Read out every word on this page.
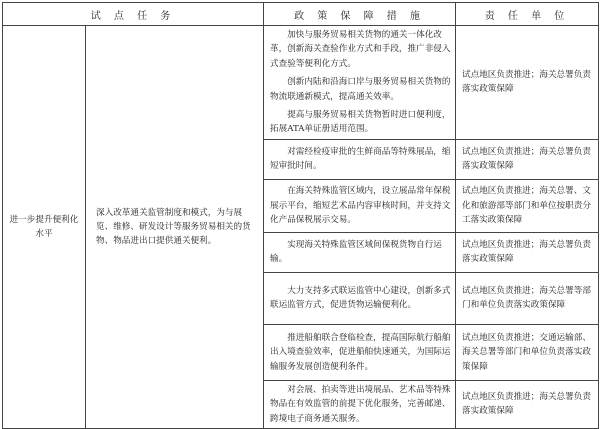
试 点 任 务		政 策 保 障 措 施	责 任 单 位
进一步提升便利化水平	深入改革通关监管制度和模式，为与展览、维修、研发设计等服务贸易相关的货物、物品进出口提供通关便利。	加快与服务贸易相关货物的通关一体化改革，创新海关查验作业方式和手段，推广非侵入式查验等便利化方式。

创新内陆和沿海口岸与服务贸易相关货物的物流联通新模式，提高通关效率。

提高与服务贸易相关货物暂时进口便利度，拓展ATA单证册适用范围。	试点地区负责推进；海关总署负责落实政策保障

		对需经检疫审批的生鲜商品等特殊展品，缩短审批时间。	试点地区负责推进；海关总署负责落实政策保障

		在海关特殊监管区域内，设立展品常年保税展示平台，缩短艺术品内容审核时间，并支持文化产品保税展示交易。	试点地区负责推进；海关总署、文化和旅游部等部门和单位按职责分工落实政策保障

		实现海关特殊监管区域间保税货物自行运输。	试点地区负责推进；海关总署负责落实政策保障

		大力支持多式联运监管中心建设，创新多式联运监管方式，促进货物运输便利化。	试点地区负责推进；海关总署等部门和单位负责落实政策保障

		推进船舶联合登临检查，提高国际航行船舶出入境查验效率，促进船舶快速通关，为国际运输服务发展创造便利条件。	试点地区负责推进；交通运输部、海关总署等部门和单位负责落实政策保障

		对会展、拍卖等进出境展品、艺术品等特殊物品在有效监管的前提下优化服务，完善邮递、跨境电子商务通关服务。	试点地区负责推进；海关总署负责落实政策保障
